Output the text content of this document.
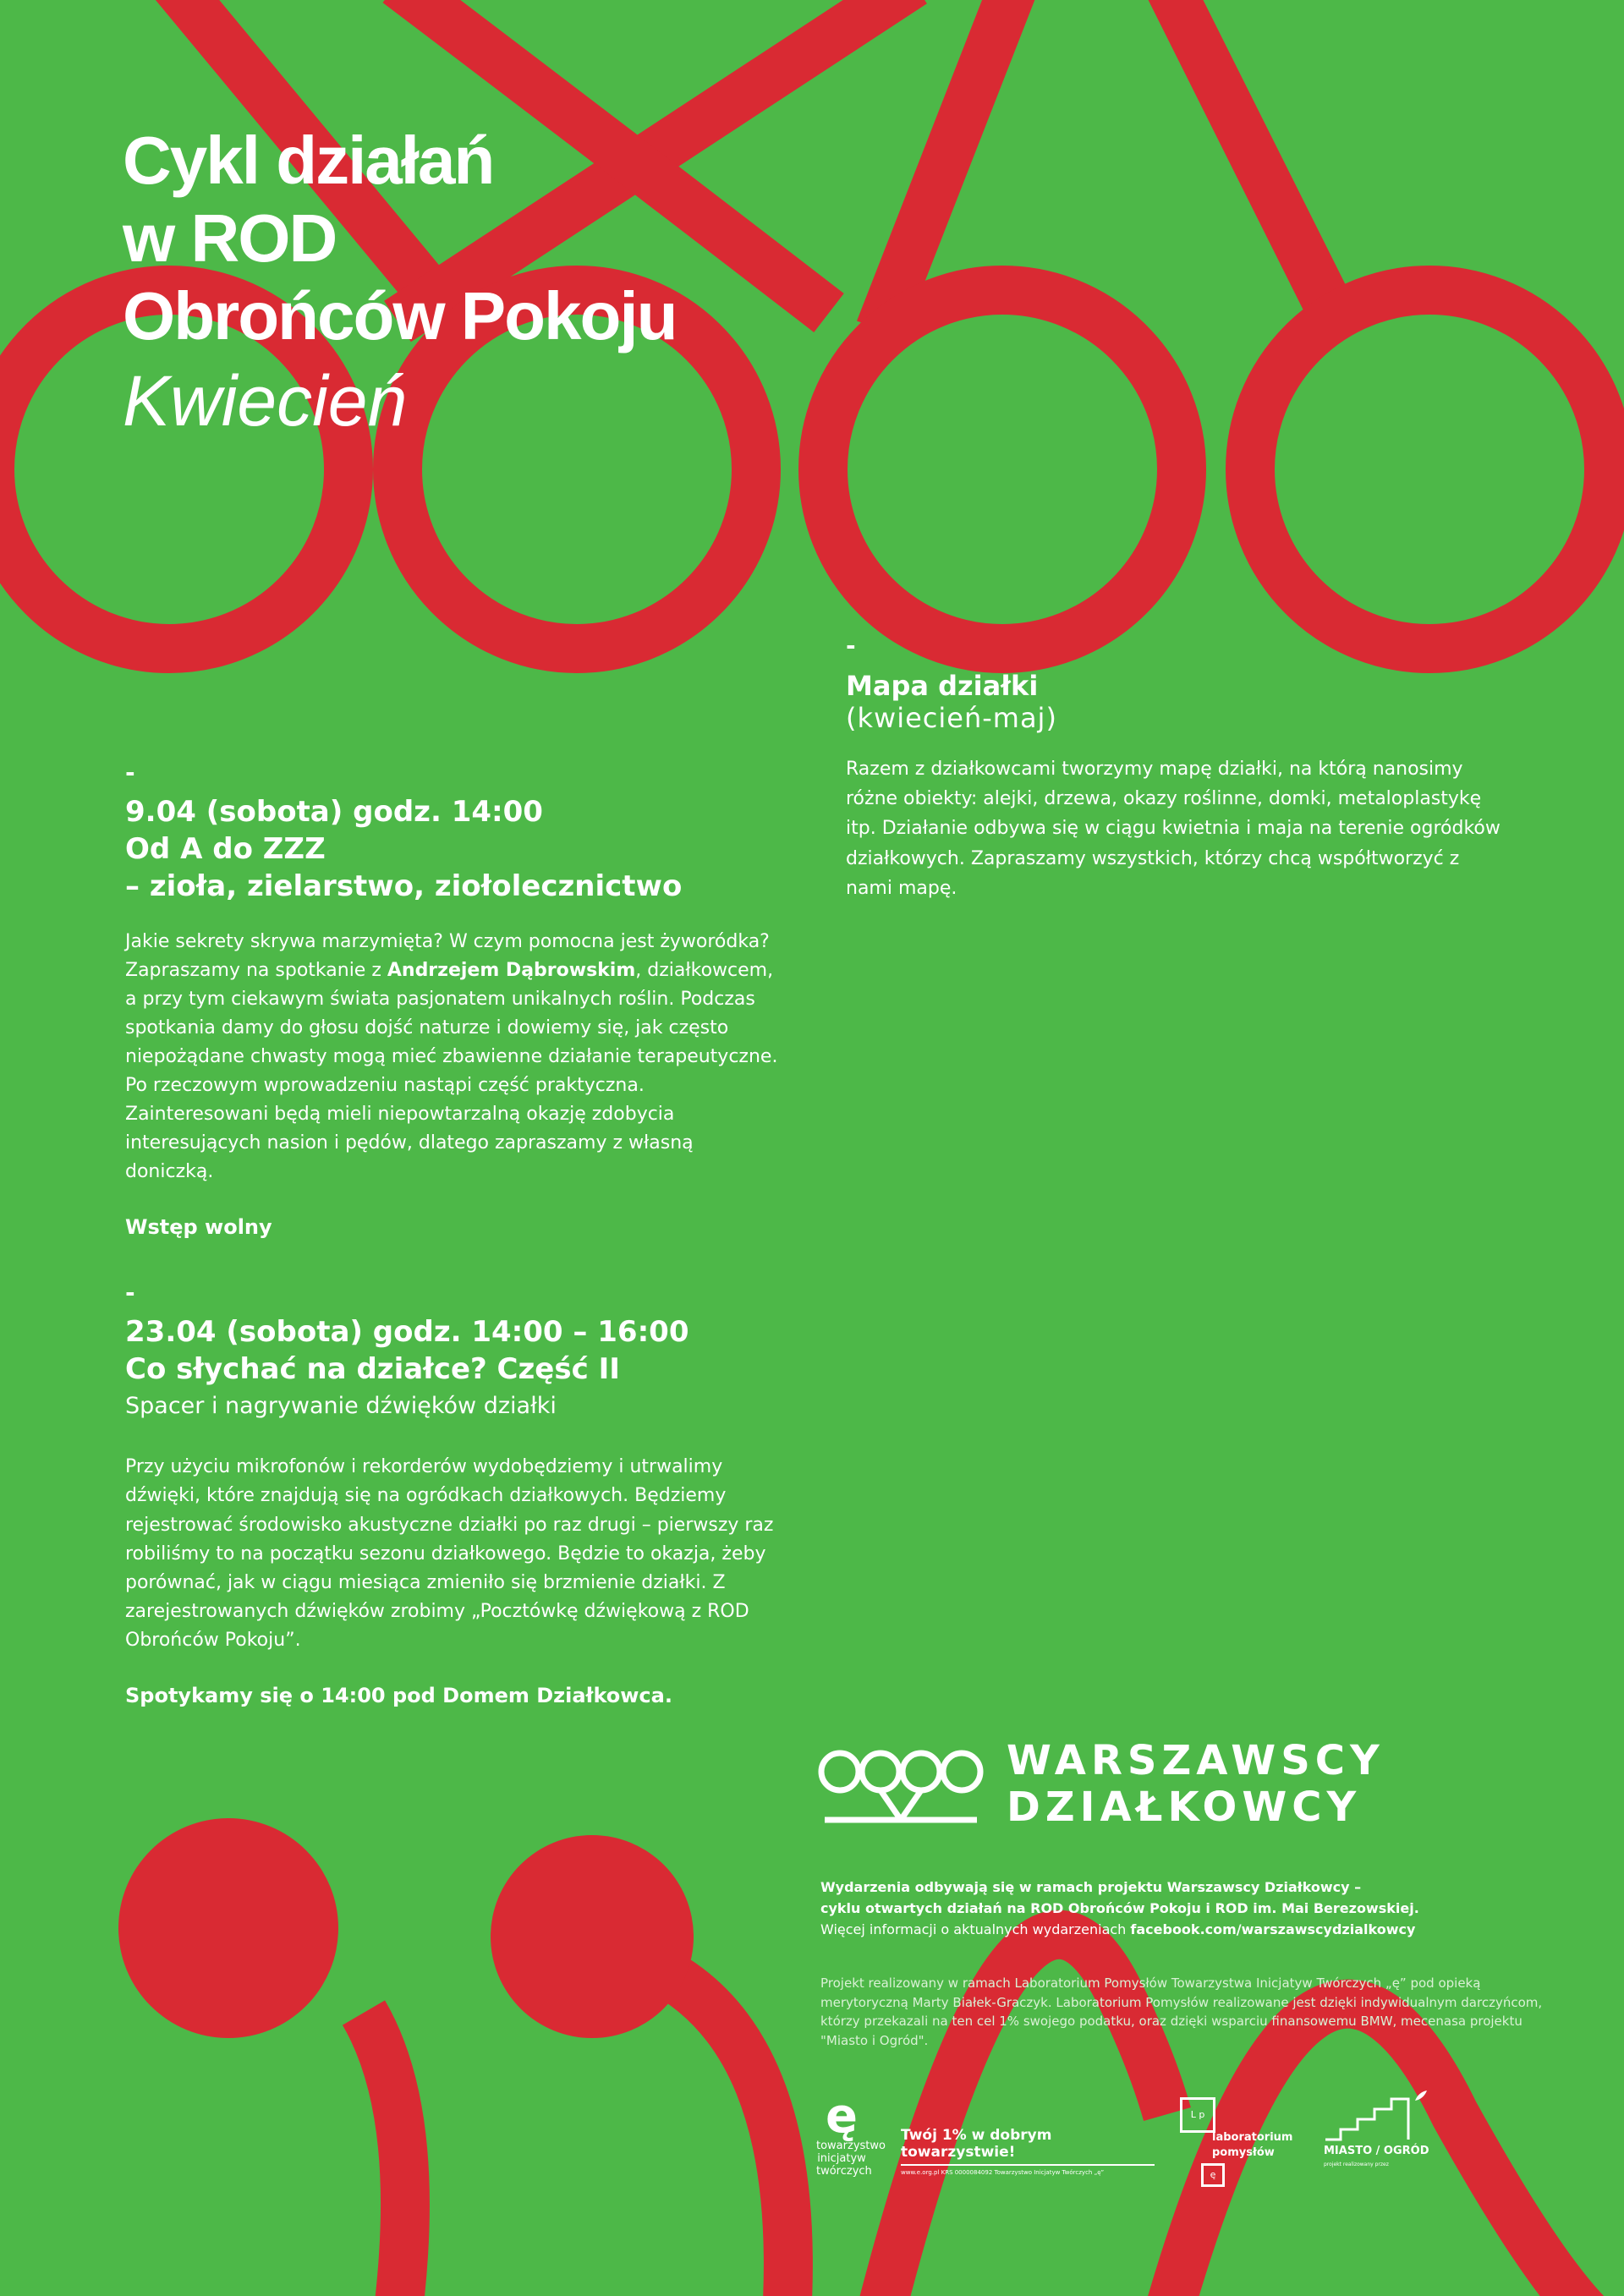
Cykl działań
w ROD
Obrońców Pokoju
Kwiecień
-
Mapa działki
(kwiecień-maj)
Razem z działkowcami tworzymy mapę działki, na którą nanosimy różne obiekty: alejki, drzewa, okazy roślinne, domki, metaloplastykę itp. Działanie odbywa się w ciągu kwietnia i maja na terenie ogródków działkowych. Zapraszamy wszystkich, którzy chcą współtworzyć z nami mapę.
-
9.04 (sobota) godz. 14:00
Od A do ZZZ
– zioła, zielarstwo, ziołolecznictwo
Jakie sekrety skrywa marzymięta? W czym pomocna jest żyworódka? Zapraszamy na spotkanie z Andrzejem Dąbrowskim, działkowcem, a przy tym ciekawym świata pasjonatem unikalnych roślin. Podczas spotkania damy do głosu dojść naturze i dowiemy się, jak często niepożądane chwasty mogą mieć zbawienne działanie terapeutyczne. Po rzeczowym wprowadzeniu nastąpi część praktyczna. Zainteresowani będą mieli niepowtarzalną okazję zdobycia interesujących nasion i pędów, dlatego zapraszamy z własną doniczką.
Wstęp wolny
-
23.04 (sobota) godz. 14:00 – 16:00
Co słychać na działce? Część II
Spacer i nagrywanie dźwięków działki
Przy użyciu mikrofonów i rekorderów wydobędziemy i utrwalimy dźwięki, które znajdują się na ogródkach działkowych. Będziemy rejestrować środowisko akustyczne działki po raz drugi – pierwszy raz robiliśmy to na początku sezonu działkowego. Będzie to okazja, żeby porównać, jak w ciągu miesiąca zmieniło się brzmienie działki. Z zarejestrowanych dźwięków zrobimy „Pocztówkę dźwiękową z ROD Obrońców Pokoju”.
Spotykamy się o 14:00 pod Domem Działkowca.
WARSZAWSCY
DZIAŁKOWCY
Wydarzenia odbywają się w ramach projektu Warszawscy Działkowcy –
cyklu otwartych działań na ROD Obrońców Pokoju i ROD im. Mai Berezowskiej.
Więcej informacji o aktualnych wydarzeniach facebook.com/warszawscydzialkowcy
Projekt realizowany w ramach Laboratorium Pomysłów Towarzystwa Inicjatyw Twórczych „ę” pod opieką merytoryczną Marty Białek-Graczyk. Laboratorium Pomysłów realizowane jest dzięki indywidualnym darczyńcom, którzy przekazali na ten cel 1% swojego podatku, oraz dzięki wsparciu finansowemu BMW, mecenasa projektu "Miasto i Ogród".
ę
towarzystwo
inicjatyw
twórczych
Twój 1% w dobrym towarzystwie!
www.e.org.pl KRS 0000084092 Towarzystwo Inicjatyw Twórczych „ę”
L p
laboratorium
pomysłów
ę
MIASTO / OGRÓD
projekt realizowany przez
